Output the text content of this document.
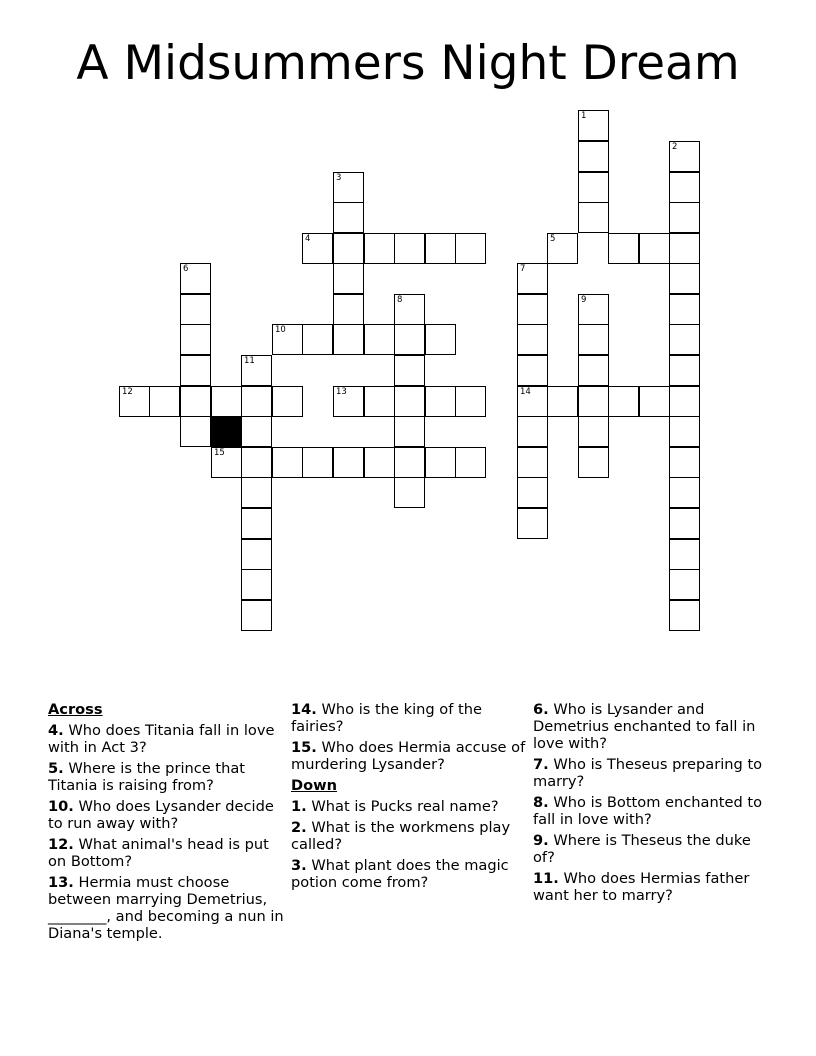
A Midsummers Night Dream
1
2
3
4	5
6	7
14
8	9
10
11
12	13
15
Across
4. Who does Titania fall in love with in Act 3?
5. Where is the prince that Titania is raising from?
10. Who does Lysander decide to run away with?
12. What animal's head is put on Bottom?
13. Hermia must choose between marrying Demetrius, ________, and becoming a nun in Diana's temple.
14. Who is the king of the fairies?
15. Who does Hermia accuse of murdering Lysander?
Down
1. What is Pucks real name?
2. What is the workmens play called?
3. What plant does the magic potion come from?
6. Who is Lysander and Demetrius enchanted to fall in love with?
7. Who is Theseus preparing to marry?
8. Who is Bottom enchanted to fall in love with?
9. Where is Theseus the duke of?
11. Who does Hermias father want her to marry?
